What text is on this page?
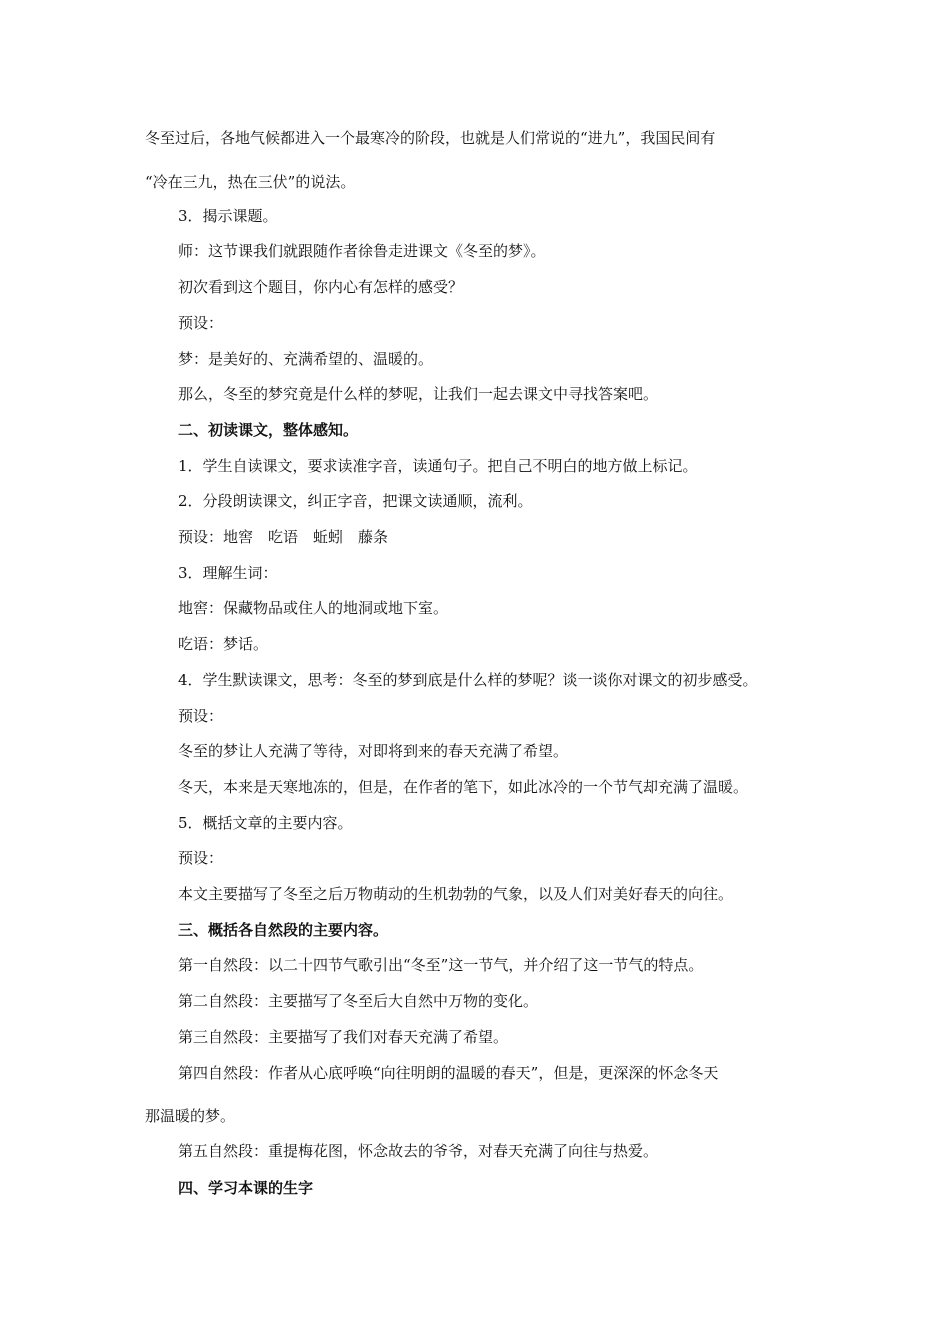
冬至过后，各地气候都进入一个最寒冷的阶段，也就是人们常说的“进九”，我国民间有
“冷在三九，热在三伏”的说法。
3．揭示课题。
师：这节课我们就跟随作者徐鲁走进课文《冬至的梦》。
初次看到这个题目，你内心有怎样的感受？
预设：
梦：是美好的、充满希望的、温暖的。
那么，冬至的梦究竟是什么样的梦呢，让我们一起去课文中寻找答案吧。
二、初读课文，整体感知。
1．学生自读课文，要求读准字音，读通句子。把自己不明白的地方做上标记。
2．分段朗读课文，纠正字音，把课文读通顺，流利。
预设：地窖　吃语　蚯蚓　藤条
3．理解生词：
地窖：保藏物品或住人的地洞或地下室。
吃语：梦话。
4．学生默读课文，思考：冬至的梦到底是什么样的梦呢？谈一谈你对课文的初步感受。
预设：
冬至的梦让人充满了等待，对即将到来的春天充满了希望。
冬天，本来是天寒地冻的，但是，在作者的笔下，如此冰冷的一个节气却充满了温暖。
5．概括文章的主要内容。
预设：
本文主要描写了冬至之后万物萌动的生机勃勃的气象，以及人们对美好春天的向往。
三、概括各自然段的主要内容。
第一自然段：以二十四节气歌引出“冬至”这一节气，并介绍了这一节气的特点。
第二自然段：主要描写了冬至后大自然中万物的变化。
第三自然段：主要描写了我们对春天充满了希望。
第四自然段：作者从心底呼唤“向往明朗的温暖的春天”，但是，更深深的怀念冬天
那温暖的梦。
第五自然段：重提梅花图，怀念故去的爷爷，对春天充满了向往与热爱。
四、学习本课的生字
